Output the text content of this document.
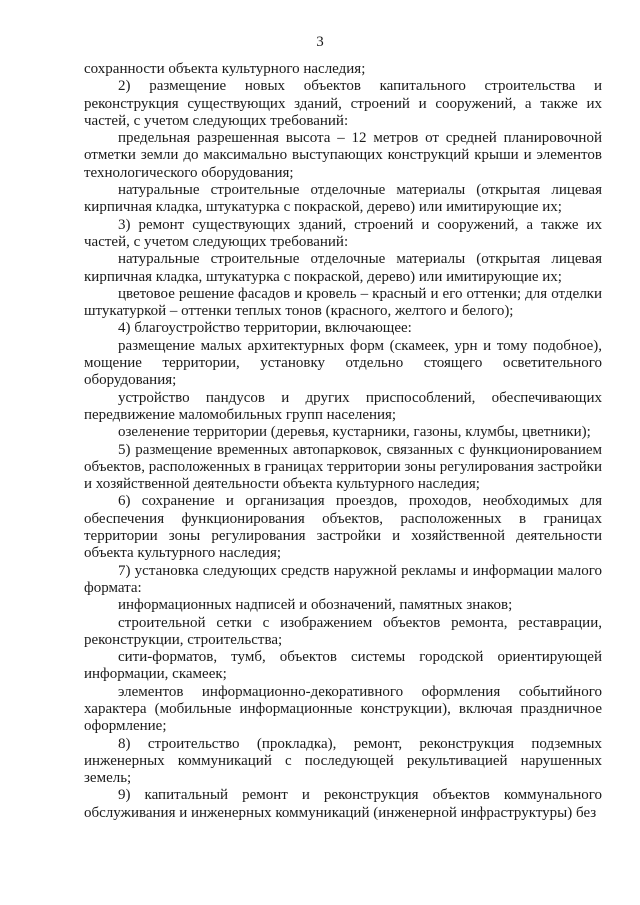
3

сохранности объекта культурного наследия;

2) размещение новых объектов капитального строительства и реконструкция существующих зданий, строений и сооружений, а также их частей, с учетом следующих требований:

предельная разрешенная высота – 12 метров от средней планировочной отметки земли до максимально выступающих конструкций крыши и элементов технологического оборудования;

натуральные строительные отделочные материалы (открытая лицевая кирпичная кладка, штукатурка с покраской, дерево) или имитирующие их;

3) ремонт существующих зданий, строений и сооружений, а также их частей, с учетом следующих требований:

натуральные строительные отделочные материалы (открытая лицевая кирпичная кладка, штукатурка с покраской, дерево) или имитирующие их;

цветовое решение фасадов и кровель – красный и его оттенки; для отделки штукатуркой – оттенки теплых тонов (красного, желтого и белого);

4) благоустройство территории, включающее:

размещение малых архитектурных форм (скамеек, урн и тому подобное), мощение территории, установку отдельно стоящего осветительного оборудования;

устройство пандусов и других приспособлений, обеспечивающих передвижение маломобильных групп населения;

озеленение территории (деревья, кустарники, газоны, клумбы, цветники);

5) размещение временных автопарковок, связанных с функционированием объектов, расположенных в границах территории зоны регулирования застройки и хозяйственной деятельности объекта культурного наследия;

6) сохранение и организация проездов, проходов, необходимых для обеспечения функционирования объектов, расположенных в границах территории зоны регулирования застройки и хозяйственной деятельности объекта культурного наследия;

7) установка следующих средств наружной рекламы и информации малого формата:

информационных надписей и обозначений, памятных знаков;

строительной сетки с изображением объектов ремонта, реставрации, реконструкции, строительства;

сити-форматов, тумб, объектов системы городской ориентирующей информации, скамеек;

элементов информационно-декоративного оформления событийного характера (мобильные информационные конструкции), включая праздничное оформление;

8) строительство (прокладка), ремонт, реконструкция подземных инженерных коммуникаций с последующей рекультивацией нарушенных земель;

9) капитальный ремонт и реконструкция объектов коммунального обслуживания и инженерных коммуникаций (инженерной инфраструктуры) без
